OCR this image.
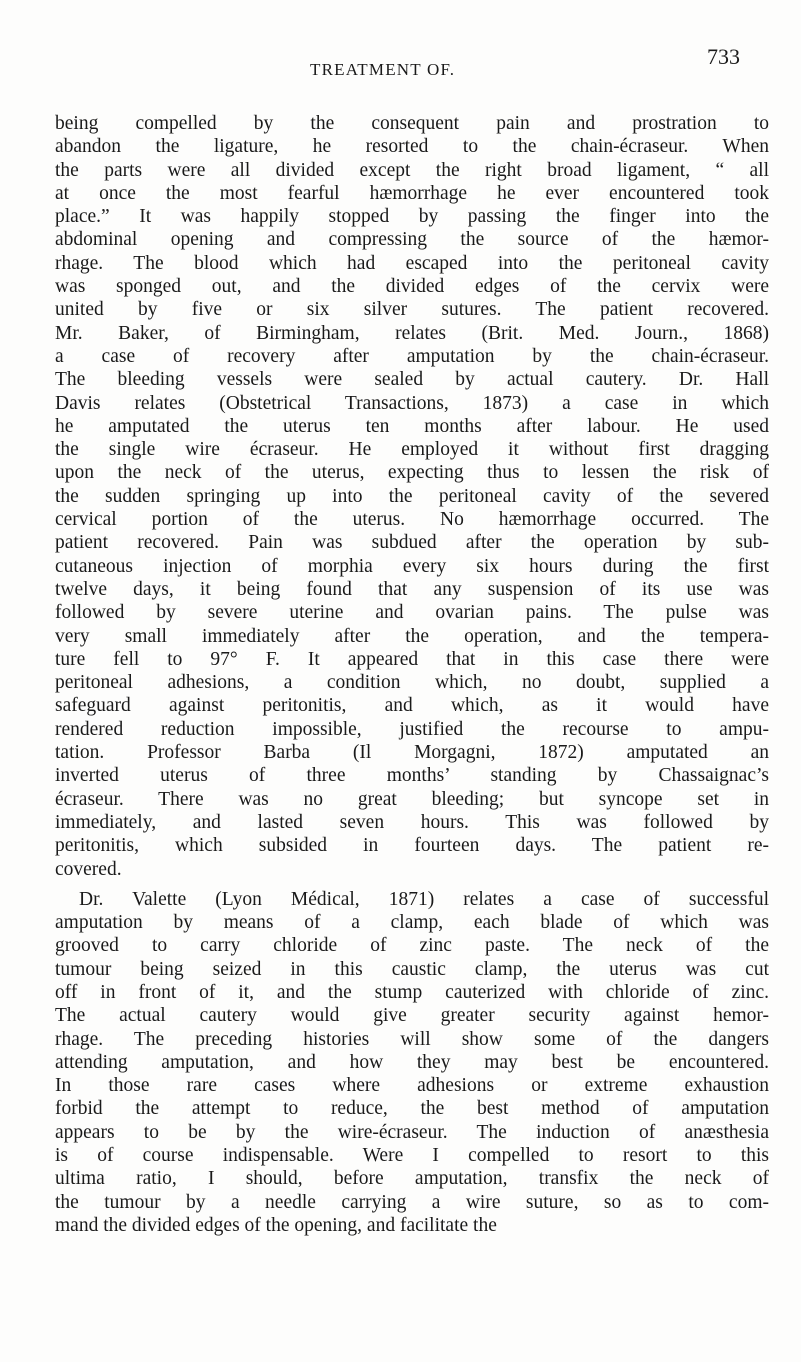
TREATMENT OF.
733
being compelled by the consequent pain and prostration to
abandon the ligature, he resorted to the chain-écraseur. When
the parts were all divided except the right broad ligament, “ all
at once the most fearful hæmorrhage he ever encountered took
place.” It was happily stopped by passing the finger into the
abdominal opening and compressing the source of the hæmor-
rhage. The blood which had escaped into the peritoneal cavity
was sponged out, and the divided edges of the cervix were
united by five or six silver sutures. The patient recovered.
Mr. Baker, of Birmingham, relates (Brit. Med. Journ., 1868)
a case of recovery after amputation by the chain-écraseur.
The bleeding vessels were sealed by actual cautery. Dr. Hall
Davis relates (Obstetrical Transactions, 1873) a case in which
he amputated the uterus ten months after labour. He used
the single wire écraseur. He employed it without first dragging
upon the neck of the uterus, expecting thus to lessen the risk of
the sudden springing up into the peritoneal cavity of the severed
cervical portion of the uterus. No hæmorrhage occurred. The
patient recovered. Pain was subdued after the operation by sub-
cutaneous injection of morphia every six hours during the first
twelve days, it being found that any suspension of its use was
followed by severe uterine and ovarian pains. The pulse was
very small immediately after the operation, and the tempera-
ture fell to 97° F. It appeared that in this case there were
peritoneal adhesions, a condition which, no doubt, supplied a
safeguard against peritonitis, and which, as it would have
rendered reduction impossible, justified the recourse to ampu-
tation. Professor Barba (Il Morgagni, 1872) amputated an
inverted uterus of three months’ standing by Chassaignac’s
écraseur. There was no great bleeding; but syncope set in
immediately, and lasted seven hours. This was followed by
peritonitis, which subsided in fourteen days. The patient re-
covered.
Dr. Valette (Lyon Médical, 1871) relates a case of successful
amputation by means of a clamp, each blade of which was
grooved to carry chloride of zinc paste. The neck of the
tumour being seized in this caustic clamp, the uterus was cut
off in front of it, and the stump cauterized with chloride of zinc.
The actual cautery would give greater security against hemor-
rhage. The preceding histories will show some of the dangers
attending amputation, and how they may best be encountered.
In those rare cases where adhesions or extreme exhaustion
forbid the attempt to reduce, the best method of amputation
appears to be by the wire-écraseur. The induction of anæsthesia
is of course indispensable. Were I compelled to resort to this
ultima ratio, I should, before amputation, transfix the neck of
the tumour by a needle carrying a wire suture, so as to com-
mand the divided edges of the opening, and facilitate the
